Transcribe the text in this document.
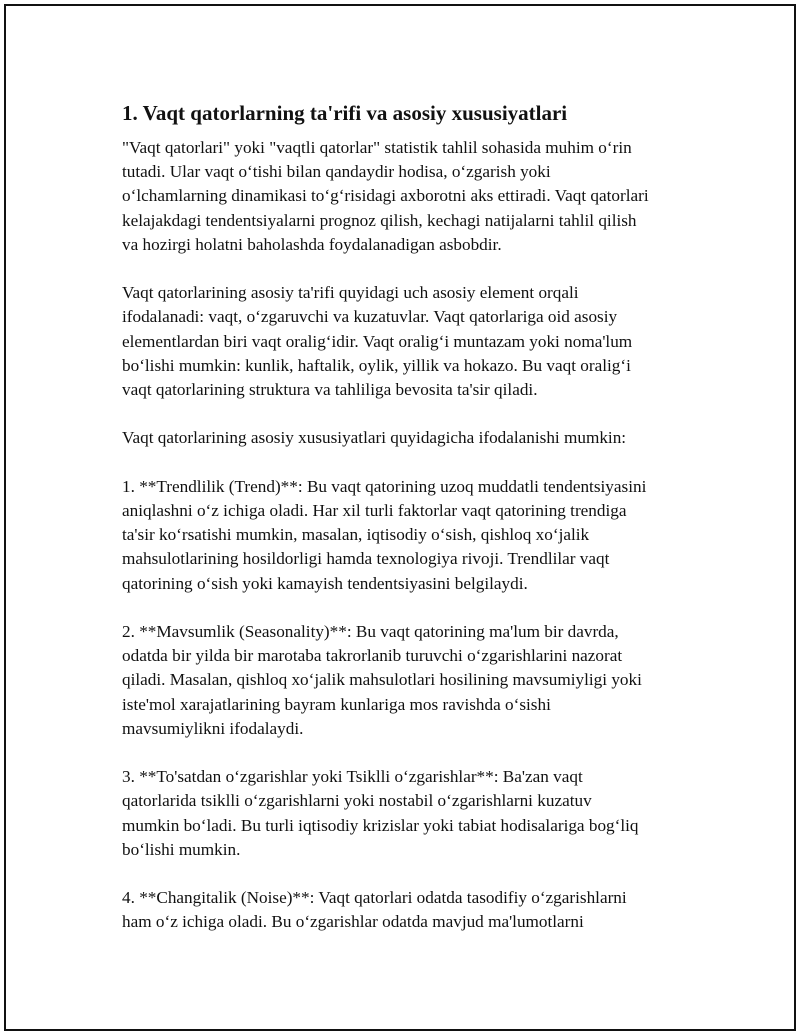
1. Vaqt qatorlarning ta'rifi va asosiy xususiyatlari

"Vaqt qatorlari" yoki "vaqtli qatorlar" statistik tahlil sohasida muhim oʻrin
tutadi. Ular vaqt oʻtishi bilan qandaydir hodisa, oʻzgarish yoki
oʻlchamlarning dinamikasi toʻgʻrisidagi axborotni aks ettiradi. Vaqt qatorlari
kelajakdagi tendentsiyalarni prognoz qilish, kechagi natijalarni tahlil qilish
va hozirgi holatni baholashda foydalanadigan asbobdir.

Vaqt qatorlarining asosiy ta'rifi quyidagi uch asosiy element orqali
ifodalanadi: vaqt, oʻzgaruvchi va kuzatuvlar. Vaqt qatorlariga oid asosiy
elementlardan biri vaqt oraligʻidir. Vaqt oraligʻi muntazam yoki noma'lum
boʻlishi mumkin: kunlik, haftalik, oylik, yillik va hokazo. Bu vaqt oraligʻi
vaqt qatorlarining struktura va tahliliga bevosita ta'sir qiladi.

Vaqt qatorlarining asosiy xususiyatlari quyidagicha ifodalanishi mumkin:

1. **Trendlilik (Trend)**: Bu vaqt qatorining uzoq muddatli tendentsiyasini
aniqlashni oʻz ichiga oladi. Har xil turli faktorlar vaqt qatorining trendiga
ta'sir koʻrsatishi mumkin, masalan, iqtisodiy oʻsish, qishloq xoʻjalik
mahsulotlarining hosildorligi hamda texnologiya rivoji. Trendlilar vaqt
qatorining oʻsish yoki kamayish tendentsiyasini belgilaydi.

2. **Mavsumlik (Seasonality)**: Bu vaqt qatorining ma'lum bir davrda,
odatda bir yilda bir marotaba takrorlanib turuvchi oʻzgarishlarini nazorat
qiladi. Masalan, qishloq xoʻjalik mahsulotlari hosilining mavsumiyligi yoki
iste'mol xarajatlarining bayram kunlariga mos ravishda oʻsishi
mavsumiylikni ifodalaydi.

3. **To'satdan oʻzgarishlar yoki Tsiklli oʻzgarishlar**: Ba'zan vaqt
qatorlarida tsiklli oʻzgarishlarni yoki nostabil oʻzgarishlarni kuzatuv
mumkin boʻladi. Bu turli iqtisodiy krizislar yoki tabiat hodisalariga bogʻliq
boʻlishi mumkin.

4. **Changitalik (Noise)**: Vaqt qatorlari odatda tasodifiy oʻzgarishlarni
ham oʻz ichiga oladi. Bu oʻzgarishlar odatda mavjud ma'lumotlarni
